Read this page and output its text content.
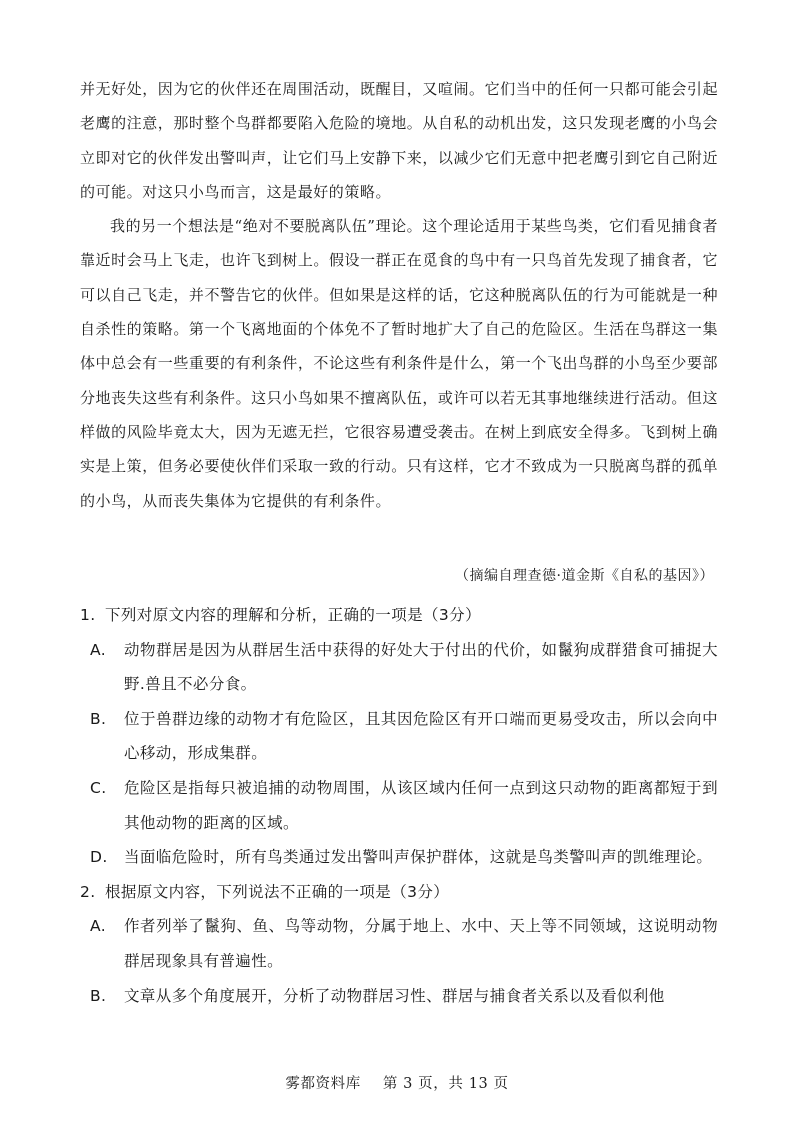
并无好处，因为它的伙伴还在周围活动，既醒目，又喧闹。它们当中的任何一只都可能会引起老鹰的注意，那时整个鸟群都要陷入危险的境地。从自私的动机出发，这只发现老鹰的小鸟会立即对它的伙伴发出警叫声，让它们马上安静下来，以减少它们无意中把老鹰引到它自己附近的可能。对这只小鸟而言，这是最好的策略。

我的另一个想法是“绝对不要脱离队伍”理论。这个理论适用于某些鸟类，它们看见捕食者靠近时会马上飞走，也许飞到树上。假设一群正在觅食的鸟中有一只鸟首先发现了捕食者，它可以自己飞走，并不警告它的伙伴。但如果是这样的话，它这种脱离队伍的行为可能就是一种自杀性的策略。第一个飞离地面的个体免不了暂时地扩大了自己的危险区。生活在鸟群这一集体中总会有一些重要的有利条件，不论这些有利条件是什么，第一个飞出鸟群的小鸟至少要部分地丧失这些有利条件。这只小鸟如果不擅离队伍，或许可以若无其事地继续进行活动。但这样做的风险毕竟太大，因为无遮无拦，它很容易遭受袭击。在树上到底安全得多。飞到树上确实是上策，但务必要使伙伴们采取一致的行动。只有这样，它才不致成为一只脱离鸟群的孤单的小鸟，从而丧失集体为它提供的有利条件。

（摘编自理查德·道金斯《自私的基因》）

1. 下列对原文内容的理解和分析，正确的一项是（3分）

A.	动物群居是因为从群居生活中获得的好处大于付出的代价，如鬣狗成群猎食可捕捉大野.兽且不必分食。
B.	位于兽群边缘的动物才有危险区，且其因危险区有开口端而更易受攻击，所以会向中心移动，形成集群。
C.	危险区是指每只被追捕的动物周围，从该区域内任何一点到这只动物的距离都短于到其他动物的距离的区域。
D.	当面临危险时，所有鸟类通过发出警叫声保护群体，这就是鸟类警叫声的凯维理论。

2. 根据原文内容，下列说法不正确的一项是（3分）

A.	作者列举了鬣狗、鱼、鸟等动物，分属于地上、水中、天上等不同领域，这说明动物群居现象具有普遍性。
B.	文章从多个角度展开，分析了动物群居习性、群居与捕食者关系以及看似利他
雾都资料库 第 3 页，共 13 页
